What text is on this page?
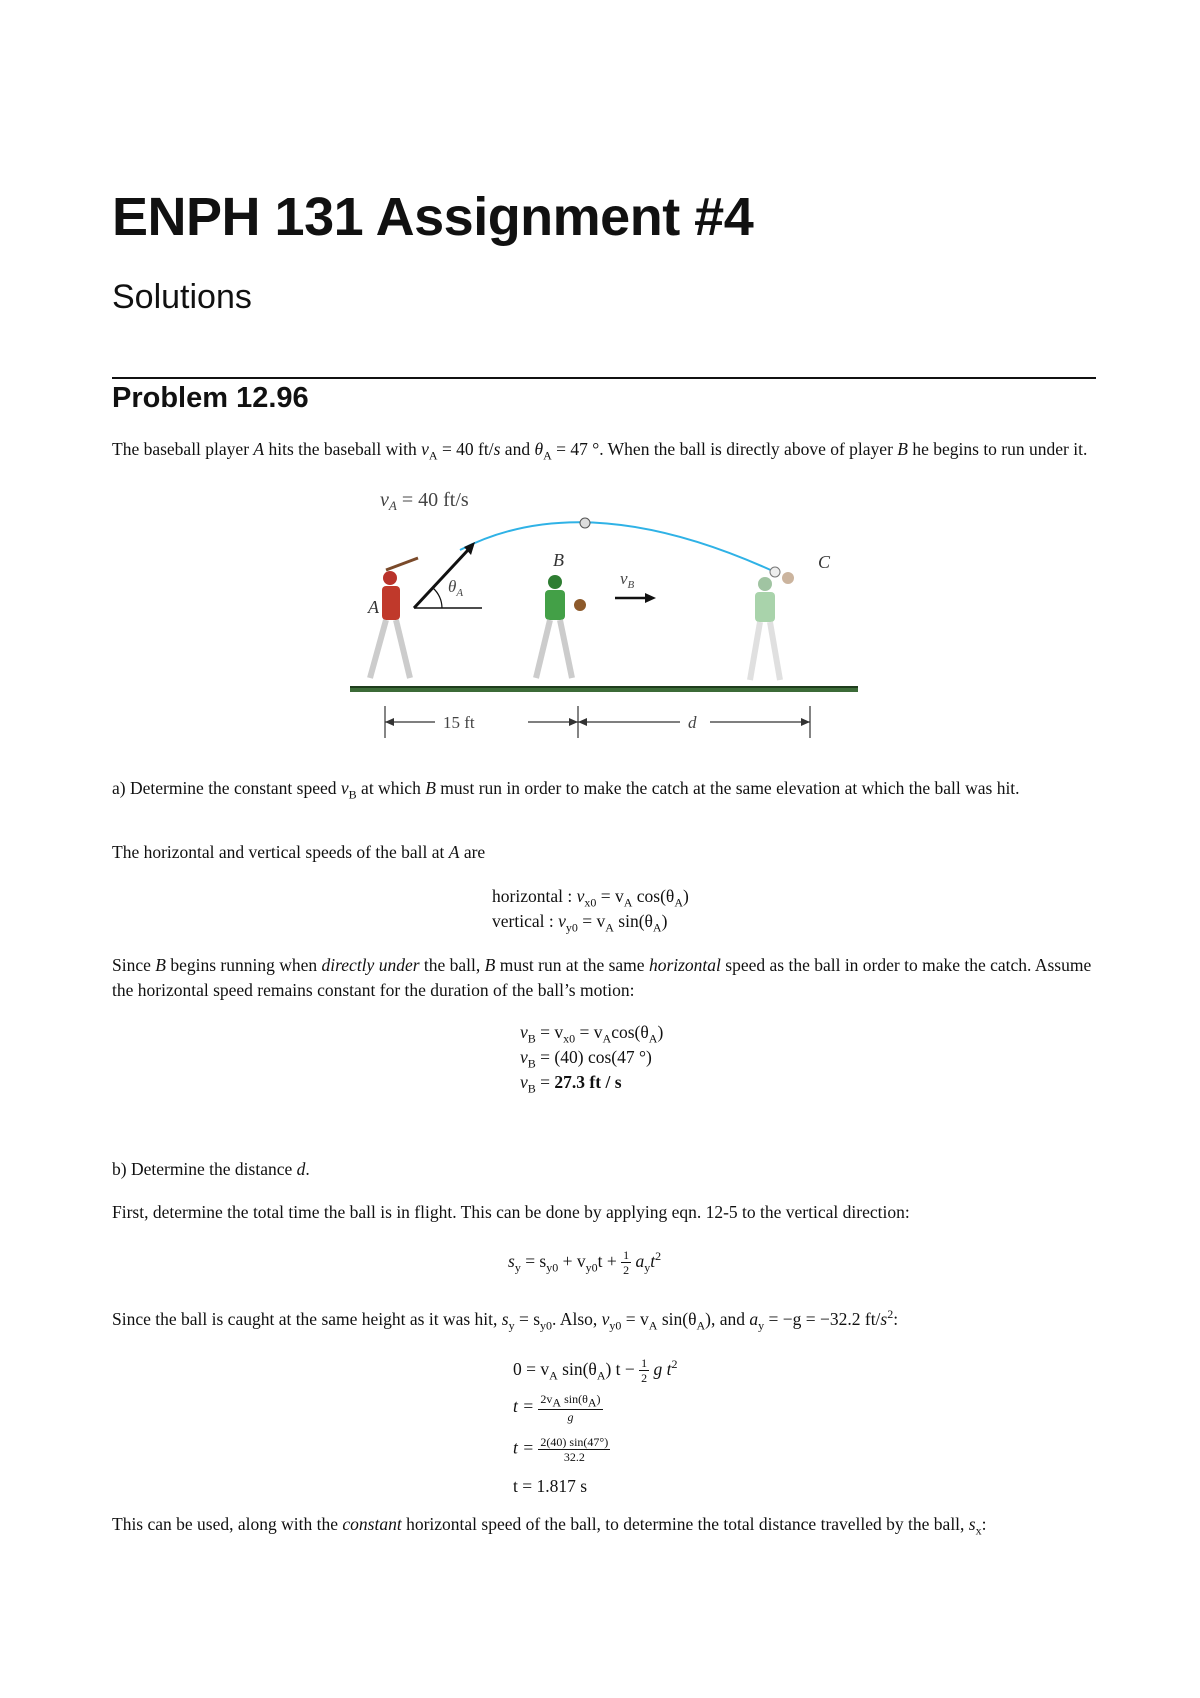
ENPH 131 Assignment #4
Solutions
Problem 12.96
The baseball player A hits the baseball with $v_A = 40$ ft/s and $\theta_A = 47$ °. When the ball is directly above of player B he begins to run under it.
$v_A = 40$ ft/s
$\theta_A$
A
B	C
$v_B$
15 ft	d
a) Determine the constant speed $v_B$ at which B must run in order to make the catch at the same elevation at which the ball was hit.
The horizontal and vertical speeds of the ball at A are
horizontal : $v_{x0} = v_A$ $\cos(\theta_A)$
vertical : $v_{y0} = v_A$ $\sin(\theta_A)$
Since B begins running when directly under the ball, B must run at the same horizontal speed as the ball in order to make the catch. Assume the horizontal speed remains constant for the duration of the ball’s motion:
$v_B = v_{x0} = v_A\cos(\theta_A)$
$v_B = (40)$ cos(47 °)
$v_B = 27.3$ ft / s
b) Determine the distance d.
First, determine the total time the ball is in flight. This can be done by applying eqn. 12-5 to the vertical direction:
$s_y = s_{y0} + v_{y0}t + \frac{1}{2} a_yt^2$
Since the ball is caught at the same height as it was hit, $s_y = s_{y0}$. Also, $v_{y0} = v_A$ $\sin(\theta_A)$, and $a_y = -g = -32.2$ $ft/s^2$:
$0 = v_A$ $\sin(\theta_A) t - \frac{1}{2}$ g $t^2$
$t = \frac{2v_A \sin(\theta_A)}{g}$
$t = \frac{2(40) \sin(47^\circ)}{32.2}$
t = 1.817 s
This can be used, along with the constant horizontal speed of the ball, to determine the total distance travelled by the ball, $s_x$:
